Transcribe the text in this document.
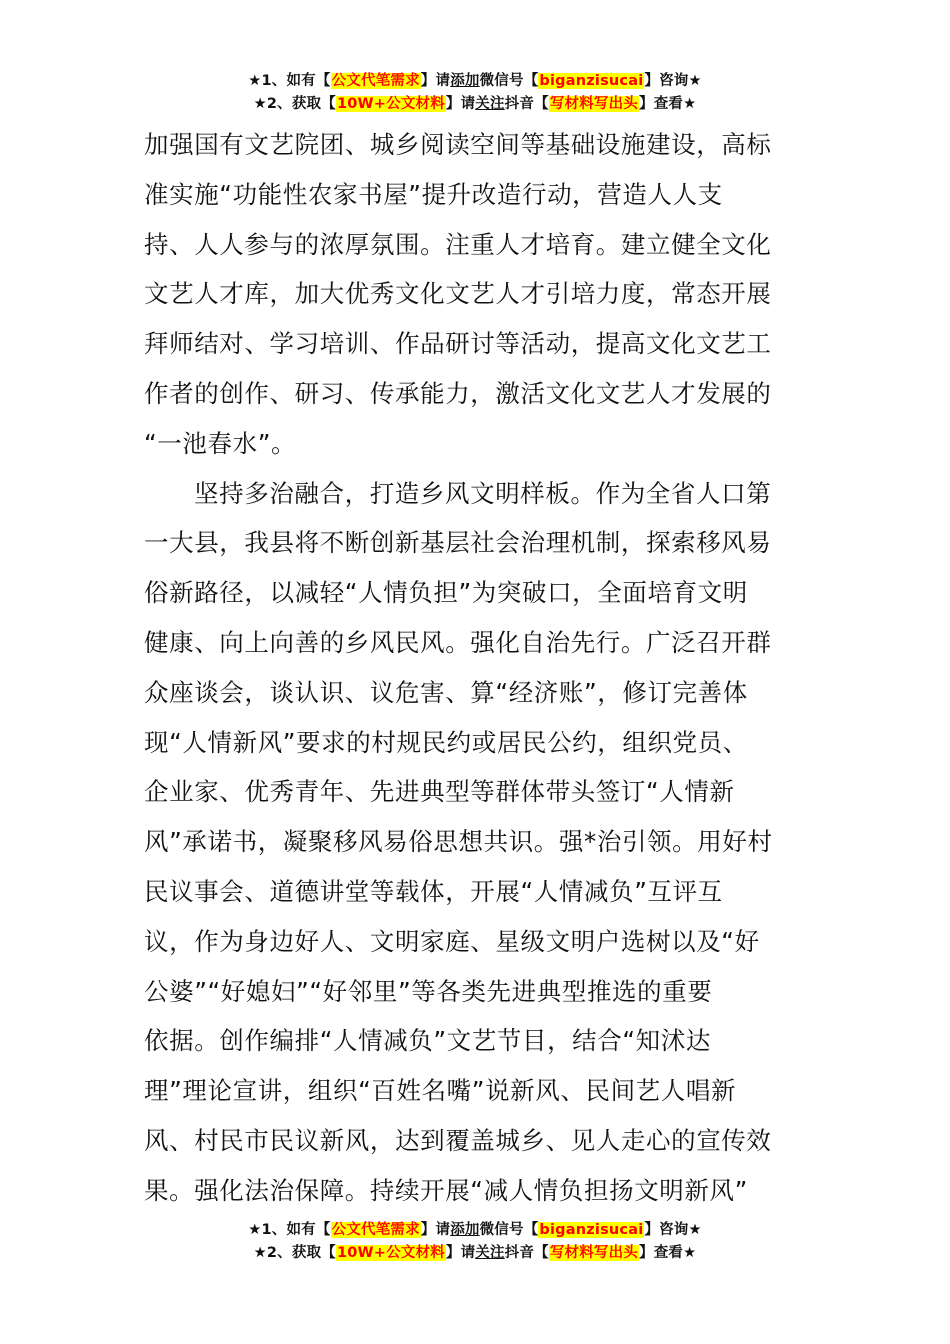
★1、如有【公文代笔需求】请添加微信号【biganzisucai】咨询★
★2、获取【10W+公文材料】请关注抖音【写材料写出头】查看★
加强国有文艺院团、城乡阅读空间等基础设施建设，高标
准实施“功能性农家书屋”提升改造行动，营造人人支
持、人人参与的浓厚氛围。注重人才培育。建立健全文化
文艺人才库，加大优秀文化文艺人才引培力度，常态开展
拜师结对、学习培训、作品研讨等活动，提高文化文艺工
作者的创作、研习、传承能力，激活文化文艺人才发展的
“一池春水”。
坚持多治融合，打造乡风文明样板。作为全省人口第
一大县，我县将不断创新基层社会治理机制，探索移风易
俗新路径，以减轻“人情负担”为突破口，全面培育文明
健康、向上向善的乡风民风。强化自治先行。广泛召开群
众座谈会，谈认识、议危害、算“经济账”，修订完善体
现“人情新风”要求的村规民约或居民公约，组织党员、
企业家、优秀青年、先进典型等群体带头签订“人情新
风”承诺书，凝聚移风易俗思想共识。强*治引领。用好村
民议事会、道德讲堂等载体，开展“人情减负”互评互
议，作为身边好人、文明家庭、星级文明户选树以及“好
公婆”“好媳妇”“好邻里”等各类先进典型推选的重要
依据。创作编排“人情减负”文艺节目，结合“知沭达
理”理论宣讲，组织“百姓名嘴”说新风、民间艺人唱新
风、村民市民议新风，达到覆盖城乡、见人走心的宣传效
果。强化法治保障。持续开展“减人情负担扬文明新风”
★1、如有【公文代笔需求】请添加微信号【biganzisucai】咨询★
★2、获取【10W+公文材料】请关注抖音【写材料写出头】查看★
